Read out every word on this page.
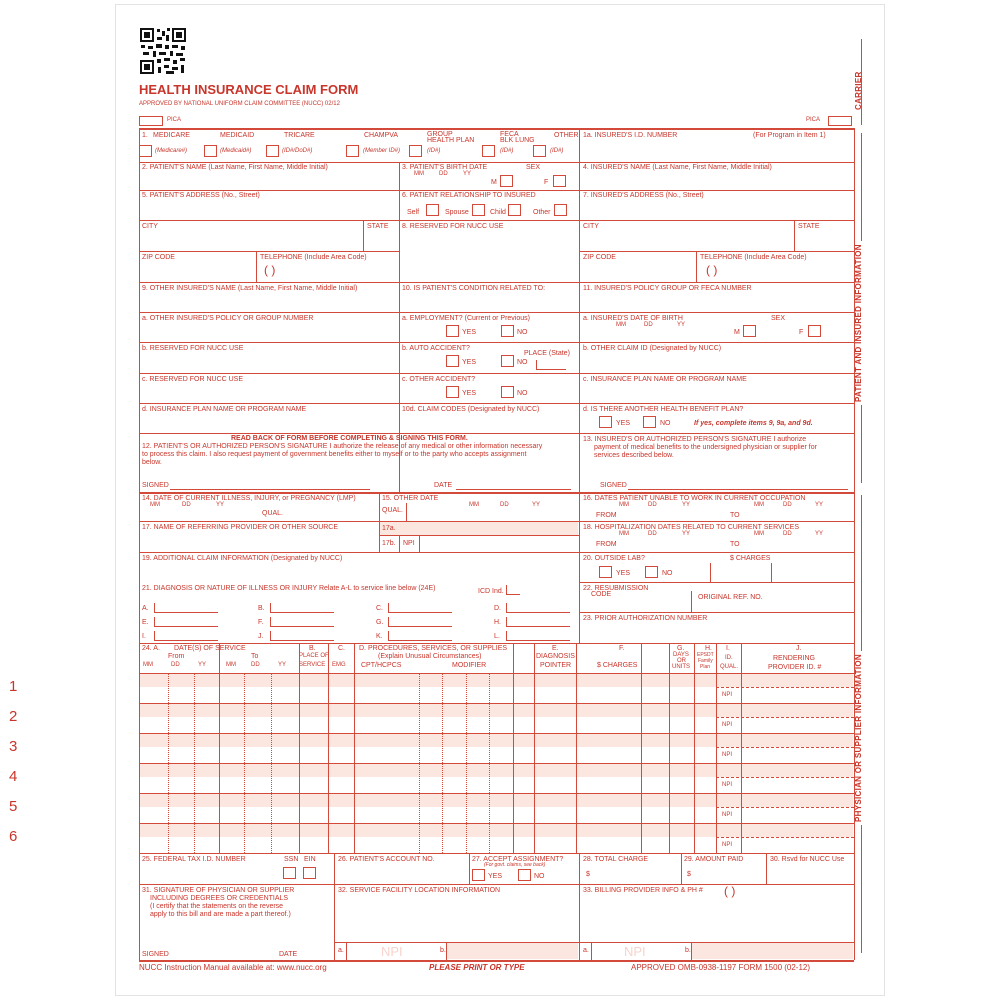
HEALTH INSURANCE CLAIM FORM
APPROVED BY NATIONAL UNIFORM CLAIM COMMITTEE (NUCC) 02/12
PICA	PICA
CARRIER
PATIENT AND INSURED INFORMATION
PHYSICIAN OR SUPPLIER INFORMATION
1. MEDICARE	MEDICAID	TRICARE	CHAMPVA	GROUP
HEALTH PLAN
FECA
BLK LUNG
OTHER
(Medicare#)	(Medicaid#)	(ID#/DoD#)	(Member ID#)	(ID#)	(ID#)	(ID#)
1a. INSURED'S I.D. NUMBER	(For Program in Item 1)
2. PATIENT'S NAME (Last Name, First Name, Middle Initial)	3. PATIENT'S BIRTH DATE	SEX
MM	DD	YY
M	F
4. INSURED'S NAME (Last Name, First Name, Middle Initial)
5. PATIENT'S ADDRESS (No., Street)	6. PATIENT RELATIONSHIP TO INSURED
Self	Spouse	Child	Other
7. INSURED'S ADDRESS (No., Street)
CITY	STATE 8. RESERVED FOR NUCC USE	CITY	STATE
ZIP CODE	TELEPHONE (Include Area Code)
( )
ZIP CODE	TELEPHONE (Include Area Code)
( )
9. OTHER INSURED'S NAME (Last Name, First Name, Middle Initial)	10. IS PATIENT'S CONDITION RELATED TO:	11. INSURED'S POLICY GROUP OR FECA NUMBER
a. OTHER INSURED'S POLICY OR GROUP NUMBER	a. EMPLOYMENT? (Current or Previous)
YES	NO
a. INSURED'S DATE OF BIRTH	SEX
MM	DD	YY
M	F
b. RESERVED FOR NUCC USE	b. AUTO ACCIDENT?
PLACE (State)
YES	NO
b. OTHER CLAIM ID (Designated by NUCC)
c. RESERVED FOR NUCC USE	c. OTHER ACCIDENT?
YES	NO
c. INSURANCE PLAN NAME OR PROGRAM NAME
d. INSURANCE PLAN NAME OR PROGRAM NAME	10d. CLAIM CODES (Designated by NUCC)	d. IS THERE ANOTHER HEALTH BENEFIT PLAN?
YES	NO	If yes, complete items 9, 9a, and 9d.
READ BACK OF FORM BEFORE COMPLETING & SIGNING THIS FORM.
12. PATIENT'S OR AUTHORIZED PERSON'S SIGNATURE I authorize the release of any medical or other information necessary
to process this claim. I also request payment of government benefits either to myself or to the party who accepts assignment
below.
SIGNED	DATE
13. INSURED'S OR AUTHORIZED PERSON'S SIGNATURE I authorize
payment of medical benefits to the undersigned physician or supplier for
services described below.
SIGNED
14. DATE OF CURRENT ILLNESS, INJURY, or PREGNANCY (LMP)
MM	DD	YY
QUAL.
15. OTHER DATE
QUAL.
MM	DD	YY
16. DATES PATIENT UNABLE TO WORK IN CURRENT OCCUPATION
MM	DD	YY	MM	DD	YY
FROM	TO
17. NAME OF REFERRING PROVIDER OR OTHER SOURCE	17a.
17b. NPI
18. HOSPITALIZATION DATES RELATED TO CURRENT SERVICES
MM	DD	YY	MM	DD	YY
FROM	TO
19. ADDITIONAL CLAIM INFORMATION (Designated by NUCC)	20. OUTSIDE LAB?	$ CHARGES
YES	NO
21. DIAGNOSIS OR NATURE OF ILLNESS OR INJURY Relate A-L to service line below (24E)	ICD Ind.	22. RESUBMISSION
CODE	ORIGINAL REF. NO.
23. PRIOR AUTHORIZATION NUMBER
A.	B.	C.	D.
E.	F.	G.	H.
I.	J.	K.	L.
24. A. DATE(S) OF SERVICE
From	To
MM	DD	YY	MM	DD	YY
B.
PLACE OF
SERVICE
C.
EMG
D. PROCEDURES, SERVICES, OR SUPPLIES
(Explain Unusual Circumstances)
CPT/HCPCS	MODIFIER
E.
DIAGNOSIS
POINTER
F.
$ CHARGES
G.
DAYS
OR
UNITS
H.
EPSDT
Family
Plan
I.
ID.
QUAL.
J.
RENDERING
PROVIDER ID. #
1	NPI
2	NPI
3	NPI
4	NPI
5	NPI
6	NPI
25. FEDERAL TAX I.D. NUMBER	SSN EIN	26. PATIENT'S ACCOUNT NO.	27. ACCEPT ASSIGNMENT?
(For govt. claims, see back)
YES	NO
28. TOTAL CHARGE
$
29. AMOUNT PAID
$
30. Rsvd for NUCC Use
31. SIGNATURE OF PHYSICIAN OR SUPPLIER
INCLUDING DEGREES OR CREDENTIALS
(I certify that the statements on the reverse
apply to this bill and are made a part thereof.)
SIGNED	DATE
32. SERVICE FACILITY LOCATION INFORMATION
a.	NPI	b.
33. BILLING PROVIDER INFO & PH # ( )
a.	NPI	b.
NUCC Instruction Manual available at: www.nucc.org	PLEASE PRINT OR TYPE	APPROVED OMB-0938-1197 FORM 1500 (02-12)
